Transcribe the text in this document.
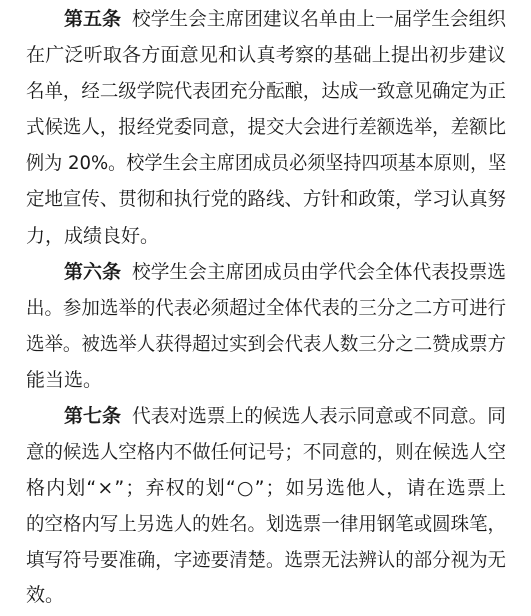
第五条 校学生会主席团建议名单由上一届学生会组织
在广泛听取各方面意见和认真考察的基础上提出初步建议
名单，经二级学院代表团充分酝酿，达成一致意见确定为正
式候选人，报经党委同意，提交大会进行差额选举，差额比
例为 20%。校学生会主席团成员必须坚持四项基本原则，坚
定地宣传、贯彻和执行党的路线、方针和政策，学习认真努
力，成绩良好。
第六条 校学生会主席团成员由学代会全体代表投票选
出。参加选举的代表必须超过全体代表的三分之二方可进行
选举。被选举人获得超过实到会代表人数三分之二赞成票方
能当选。
第七条 代表对选票上的候选人表示同意或不同意。同
意的候选人空格内不做任何记号；不同意的，则在候选人空
格内划“×”；弃权的划“○”；如另选他人，请在选票上
的空格内写上另选人的姓名。划选票一律用钢笔或圆珠笔，
填写符号要准确，字迹要清楚。选票无法辨认的部分视为无
效。
